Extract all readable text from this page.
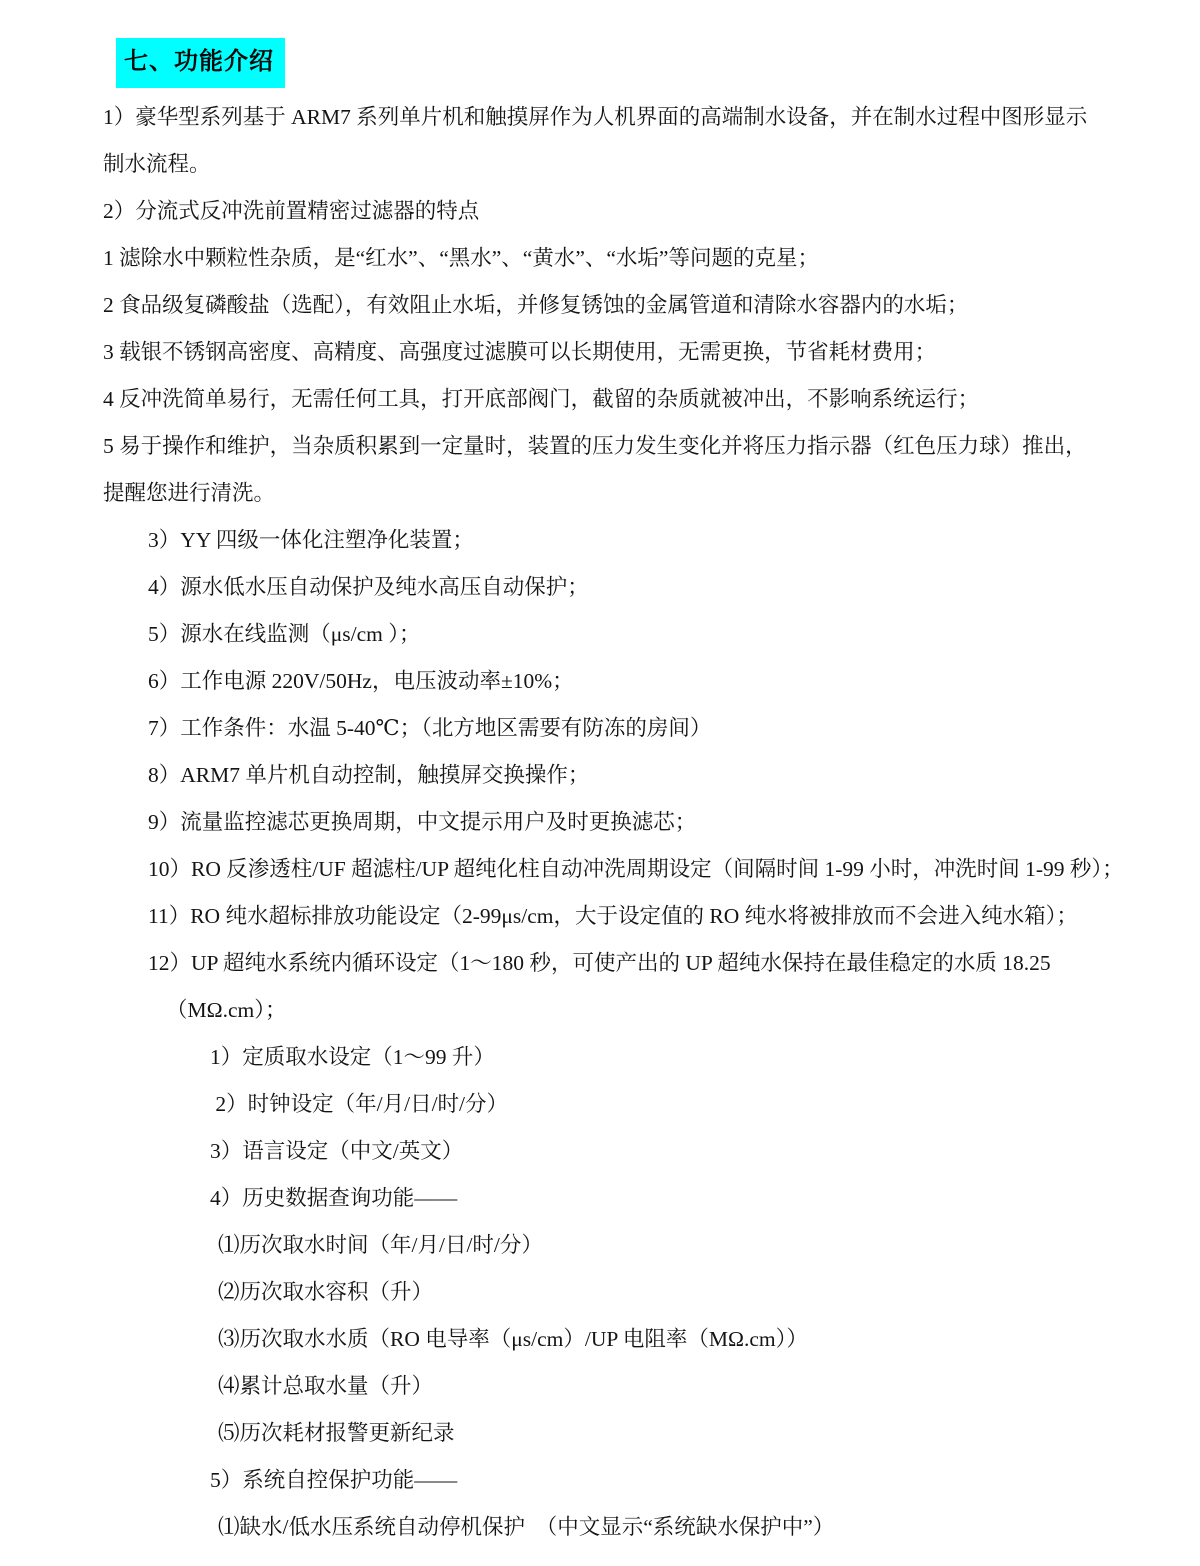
七、功能介绍
1）豪华型系列基于 ARM7 系列单片机和触摸屏作为人机界面的高端制水设备，并在制水过程中图形显示
制水流程。
2）分流式反冲洗前置精密过滤器的特点
1 滤除水中颗粒性杂质，是“红水”、“黑水”、“黄水”、“水垢”等问题的克星；
2 食品级复磷酸盐（选配），有效阻止水垢，并修复锈蚀的金属管道和清除水容器内的水垢；
3 载银不锈钢高密度、高精度、高强度过滤膜可以长期使用，无需更换，节省耗材费用；
4 反冲洗简单易行，无需任何工具，打开底部阀门，截留的杂质就被冲出，不影响系统运行；
5 易于操作和维护，当杂质积累到一定量时，装置的压力发生变化并将压力指示器（红色压力球）推出，
提醒您进行清洗。
3）YY 四级一体化注塑净化装置；
4）源水低水压自动保护及纯水高压自动保护；
5）源水在线监测（μs/cm ）；
6）工作电源 220V/50Hz，电压波动率±10%；
7）工作条件：水温 5-40℃；（北方地区需要有防冻的房间）
8）ARM7 单片机自动控制，触摸屏交换操作；
9）流量监控滤芯更换周期，中文提示用户及时更换滤芯；
10）RO 反渗透柱/UF 超滤柱/UP 超纯化柱自动冲洗周期设定（间隔时间 1-99 小时，冲洗时间 1-99 秒）；
11）RO 纯水超标排放功能设定（2-99μs/cm，大于设定值的 RO 纯水将被排放而不会进入纯水箱）；
12）UP 超纯水系统内循环设定（1～180 秒，可使产出的 UP 超纯水保持在最佳稳定的水质 18.25
（MΩ.cm）；
1）定质取水设定（1～99 升）
2）时钟设定（年/月/日/时/分）
3）语言设定（中文/英文）
4）历史数据查询功能——
⑴历次取水时间（年/月/日/时/分）
⑵历次取水容积（升）
⑶历次取水水质（RO 电导率（μs/cm）/UP 电阻率（MΩ.cm））
⑷累计总取水量（升）
⑸历次耗材报警更新纪录
5）系统自控保护功能——
⑴缺水/低水压系统自动停机保护  （中文显示“系统缺水保护中”）
